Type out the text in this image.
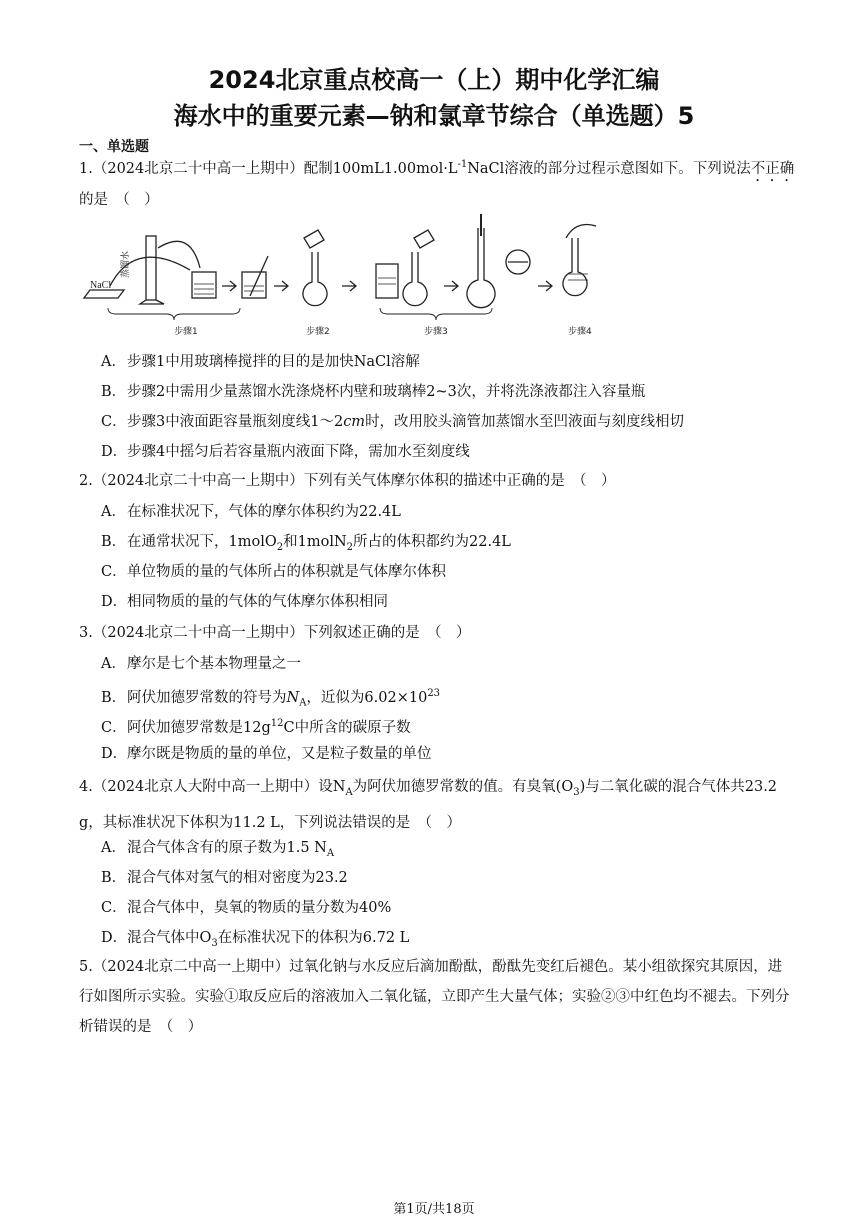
2024北京重点校高一（上）期中化学汇编
海水中的重要元素—钠和氯章节综合（单选题）5
一、单选题

1.（2024北京二十中高一上期中）配制$100mL1.00mol\cdot L^{-1}NaCl$溶液的部分过程示意图如下。下列说法不正确的是　（　）

NaCl
蒸馏水
步骤1	步骤2	步骤3	步骤4
A．步骤1中用玻璃棒搅拌的目的是加快NaCl溶解
B．步骤2中需用少量蒸馏水洗涤烧杯内壁和玻璃棒2~3次，并将洗涤液都注入容量瓶
C．步骤3中液面距容量瓶刻度线1～2cm时，改用胶头滴管加蒸馏水至凹液面与刻度线相切
D．步骤4中摇匀后若容量瓶内液面下降，需加水至刻度线

2.（2024北京二十中高一上期中）下列有关气体摩尔体积的描述中正确的是　（　）

A．在标准状况下，气体的摩尔体积约为22.4L
B．在通常状况下，1molO$_2$和1molN$_2$所占的体积都约为22.4L
C．单位物质的量的气体所占的体积就是气体摩尔体积
D．相同物质的量的气体的气体摩尔体积相同

3.（2024北京二十中高一上期中）下列叙述正确的是　（　）

A．摩尔是七个基本物理量之一
B．阿伏加德罗常数的符号为$N_A$，近似为$6.02\times 10^{23}$
C．阿伏加德罗常数是$12g^{12}C$中所含的碳原子数
D．摩尔既是物质的量的单位，又是粒子数量的单位

4.（2024北京人大附中高一上期中）设$N_A$为阿伏加德罗常数的值。有臭氧$(O_3)$与二氧化碳的混合气体共23.2 g，其标准状况下体积为11.2 L，下列说法错误的是　（　）

A．混合气体含有的原子数为1.5 $N_A$
B．混合气体对氢气的相对密度为23.2
C．混合气体中，臭氧的物质的量分数为40%
D．混合气体中$O_3$在标准状况下的体积为6.72 L

5.（2024北京二中高一上期中）过氧化钠与水反应后滴加酚酞，酚酞先变红后褪色。某小组欲探究其原因，进行如图所示实验。实验①取反应后的溶液加入二氧化锰，立即产生大量气体；实验②③中红色均不褪去。下列分析错误的是　（　）

第1页/共18页
